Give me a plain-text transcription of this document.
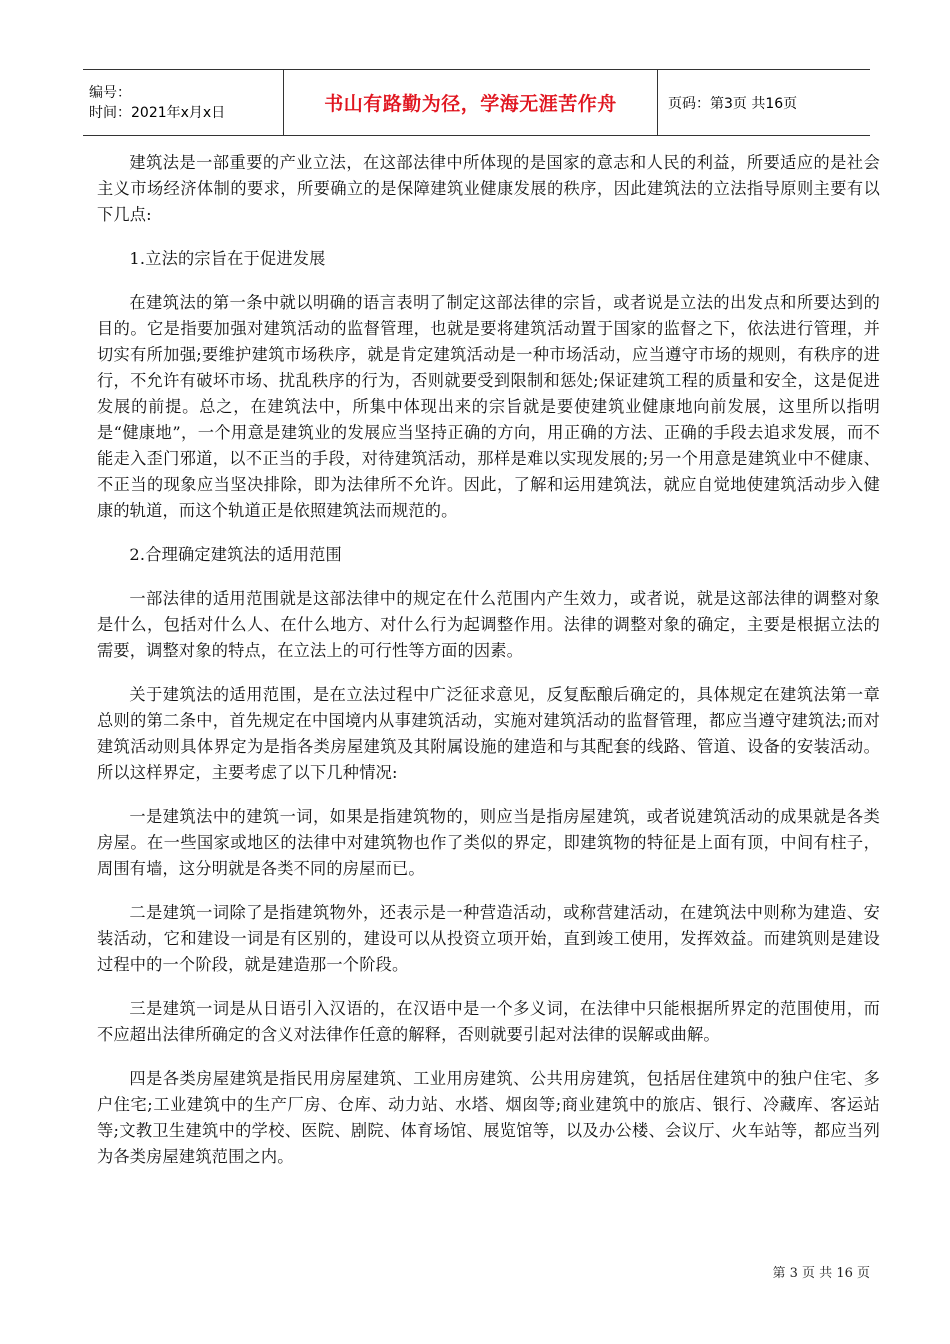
编号：
时间：2021年x月x日	书山有路勤为径，学海无涯苦作舟	页码：第3页 共16页

建筑法是一部重要的产业立法，在这部法律中所体现的是国家的意志和人民的利益，所要适应的是社会主义市场经济体制的要求，所要确立的是保障建筑业健康发展的秩序，因此建筑法的立法指导原则主要有以下几点:

1.立法的宗旨在于促进发展

在建筑法的第一条中就以明确的语言表明了制定这部法律的宗旨，或者说是立法的出发点和所要达到的目的。它是指要加强对建筑活动的监督管理，也就是要将建筑活动置于国家的监督之下，依法进行管理，并切实有所加强;要维护建筑市场秩序，就是肯定建筑活动是一种市场活动，应当遵守市场的规则，有秩序的进行，不允许有破坏市场、扰乱秩序的行为，否则就要受到限制和惩处;保证建筑工程的质量和安全，这是促进发展的前提。总之，在建筑法中，所集中体现出来的宗旨就是要使建筑业健康地向前发展，这里所以指明是“健康地”，一个用意是建筑业的发展应当坚持正确的方向，用正确的方法、正确的手段去追求发展，而不能走入歪门邪道，以不正当的手段，对待建筑活动，那样是难以实现发展的;另一个用意是建筑业中不健康、不正当的现象应当坚决排除，即为法律所不允许。因此，了解和运用建筑法，就应自觉地使建筑活动步入健康的轨道，而这个轨道正是依照建筑法而规范的。

2.合理确定建筑法的适用范围

一部法律的适用范围就是这部法律中的规定在什么范围内产生效力，或者说，就是这部法律的调整对象是什么，包括对什么人、在什么地方、对什么行为起调整作用。法律的调整对象的确定，主要是根据立法的需要，调整对象的特点，在立法上的可行性等方面的因素。

关于建筑法的适用范围，是在立法过程中广泛征求意见，反复酝酿后确定的，具体规定在建筑法第一章总则的第二条中，首先规定在中国境内从事建筑活动，实施对建筑活动的监督管理，都应当遵守建筑法;而对建筑活动则具体界定为是指各类房屋建筑及其附属设施的建造和与其配套的线路、管道、设备的安装活动。所以这样界定，主要考虑了以下几种情况:

一是建筑法中的建筑一词，如果是指建筑物的，则应当是指房屋建筑，或者说建筑活动的成果就是各类房屋。在一些国家或地区的法律中对建筑物也作了类似的界定，即建筑物的特征是上面有顶，中间有柱子，周围有墙，这分明就是各类不同的房屋而已。

二是建筑一词除了是指建筑物外，还表示是一种营造活动，或称营建活动，在建筑法中则称为建造、安装活动，它和建设一词是有区别的，建设可以从投资立项开始，直到竣工使用，发挥效益。而建筑则是建设过程中的一个阶段，就是建造那一个阶段。

三是建筑一词是从日语引入汉语的，在汉语中是一个多义词，在法律中只能根据所界定的范围使用，而不应超出法律所确定的含义对法律作任意的解释，否则就要引起对法律的误解或曲解。

四是各类房屋建筑是指民用房屋建筑、工业用房建筑、公共用房建筑，包括居住建筑中的独户住宅、多户住宅;工业建筑中的生产厂房、仓库、动力站、水塔、烟囱等;商业建筑中的旅店、银行、冷藏库、客运站等;文教卫生建筑中的学校、医院、剧院、体育场馆、展览馆等，以及办公楼、会议厅、火车站等，都应当列为各类房屋建筑范围之内。

第 3 页 共 16 页
